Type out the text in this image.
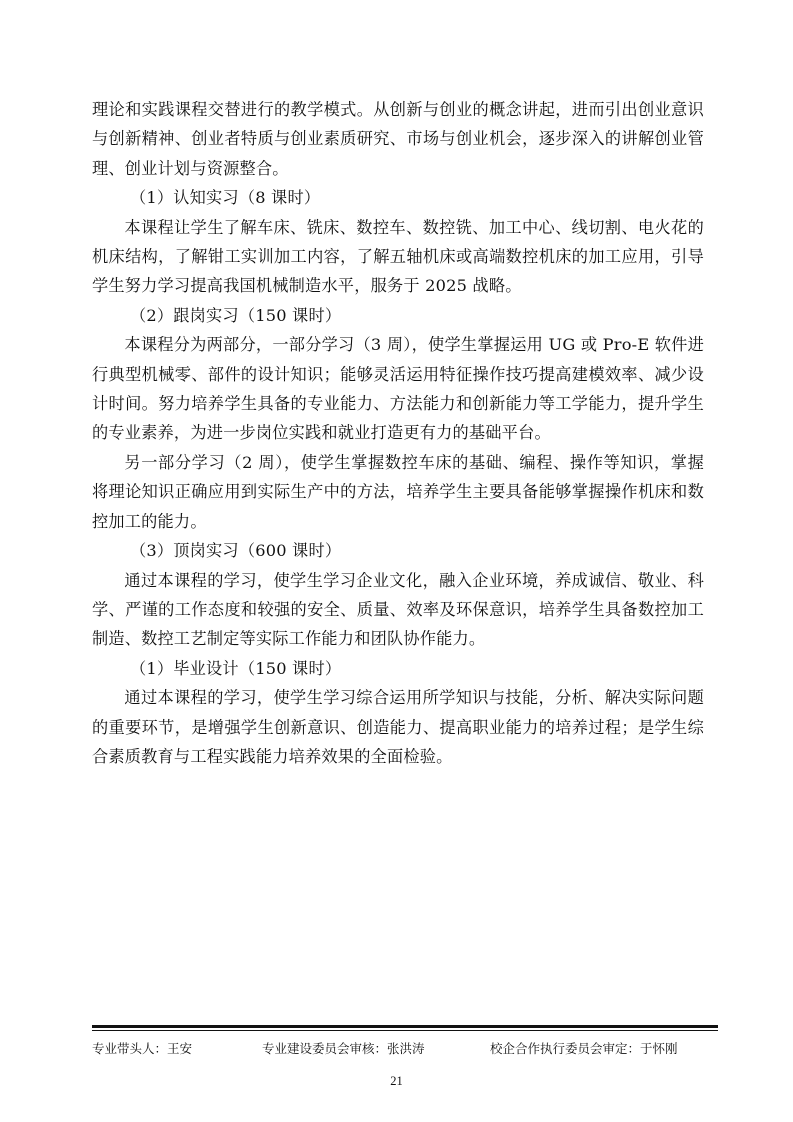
理论和实践课程交替进行的教学模式。从创新与创业的概念讲起，进而引出创业意识与创新精神、创业者特质与创业素质研究、市场与创业机会，逐步深入的讲解创业管理、创业计划与资源整合。

（1）认知实习（8 课时）

本课程让学生了解车床、铣床、数控车、数控铣、加工中心、线切割、电火花的机床结构，了解钳工实训加工内容，了解五轴机床或高端数控机床的加工应用，引导学生努力学习提高我国机械制造水平，服务于 2025 战略。

（2）跟岗实习（150 课时）

本课程分为两部分，一部分学习（3 周），使学生掌握运用 UG 或 Pro-E 软件进行典型机械零、部件的设计知识；能够灵活运用特征操作技巧提高建模效率、减少设计时间。努力培养学生具备的专业能力、方法能力和创新能力等工学能力，提升学生的专业素养，为进一步岗位实践和就业打造更有力的基础平台。

另一部分学习（2 周），使学生掌握数控车床的基础、编程、操作等知识，掌握将理论知识正确应用到实际生产中的方法，培养学生主要具备能够掌握操作机床和数控加工的能力。

（3）顶岗实习（600 课时）

通过本课程的学习，使学生学习企业文化，融入企业环境，养成诚信、敬业、科学、严谨的工作态度和较强的安全、质量、效率及环保意识，培养学生具备数控加工制造、数控工艺制定等实际工作能力和团队协作能力。

（1）毕业设计（150 课时）

通过本课程的学习，使学生学习综合运用所学知识与技能，分析、解决实际问题的重要环节，是增强学生创新意识、创造能力、提高职业能力的培养过程；是学生综合素质教育与工程实践能力培养效果的全面检验。

专业带头人：王安	专业建设委员会审核：张洪涛	校企合作执行委员会审定：于怀刚
21
